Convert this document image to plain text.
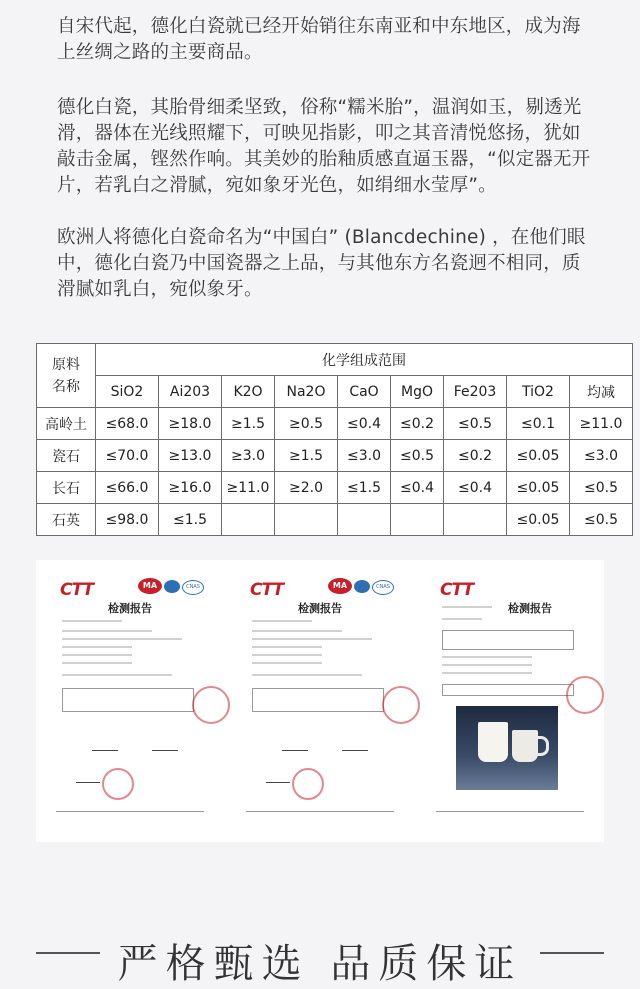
自宋代起，德化白瓷就已经开始销往东南亚和中东地区，成为海上丝绸之路的主要商品。
德化白瓷，其胎骨细柔坚致，俗称“糯米胎”，温润如玉，剔透光滑，器体在光线照耀下，可映见指影，叩之其音清悦悠扬，犹如敲击金属，铿然作响。其美妙的胎釉质感直逼玉器，“似定器无开片，若乳白之滑腻，宛如象牙光色，如绢细水莹厚”。
欧洲人将德化白瓷命名为“中国白” (Blancdechine) ，在他们眼中，德化白瓷乃中国瓷器之上品，与其他东方名瓷迥不相同，质滑腻如乳白，宛似象牙。
原料
名称	化学组成范围								
	SiO2	Ai203	K2O	Na2O	CaO	MgO	Fe203	TiO2	均减
高岭土	≤68.0	≥18.0	≥1.5	≥0.5	≤0.4	≤0.2	≤0.5	≤0.1	≥11.0
瓷石	≤70.0	≥13.0	≥3.0	≥1.5	≤3.0	≤0.5	≤0.2	≤0.05	≤3.0
长石	≤66.0	≥16.0	≥11.0	≥2.0	≤1.5	≤0.4	≤0.4	≤0.05	≤0.5
石英	≤98.0	≤1.5						≤0.05	≤0.5
CTT	MA	CNAS
检测报告
CTT	MA	CNAS
检测报告
CTT
检测报告
严格甄选 品质保证
